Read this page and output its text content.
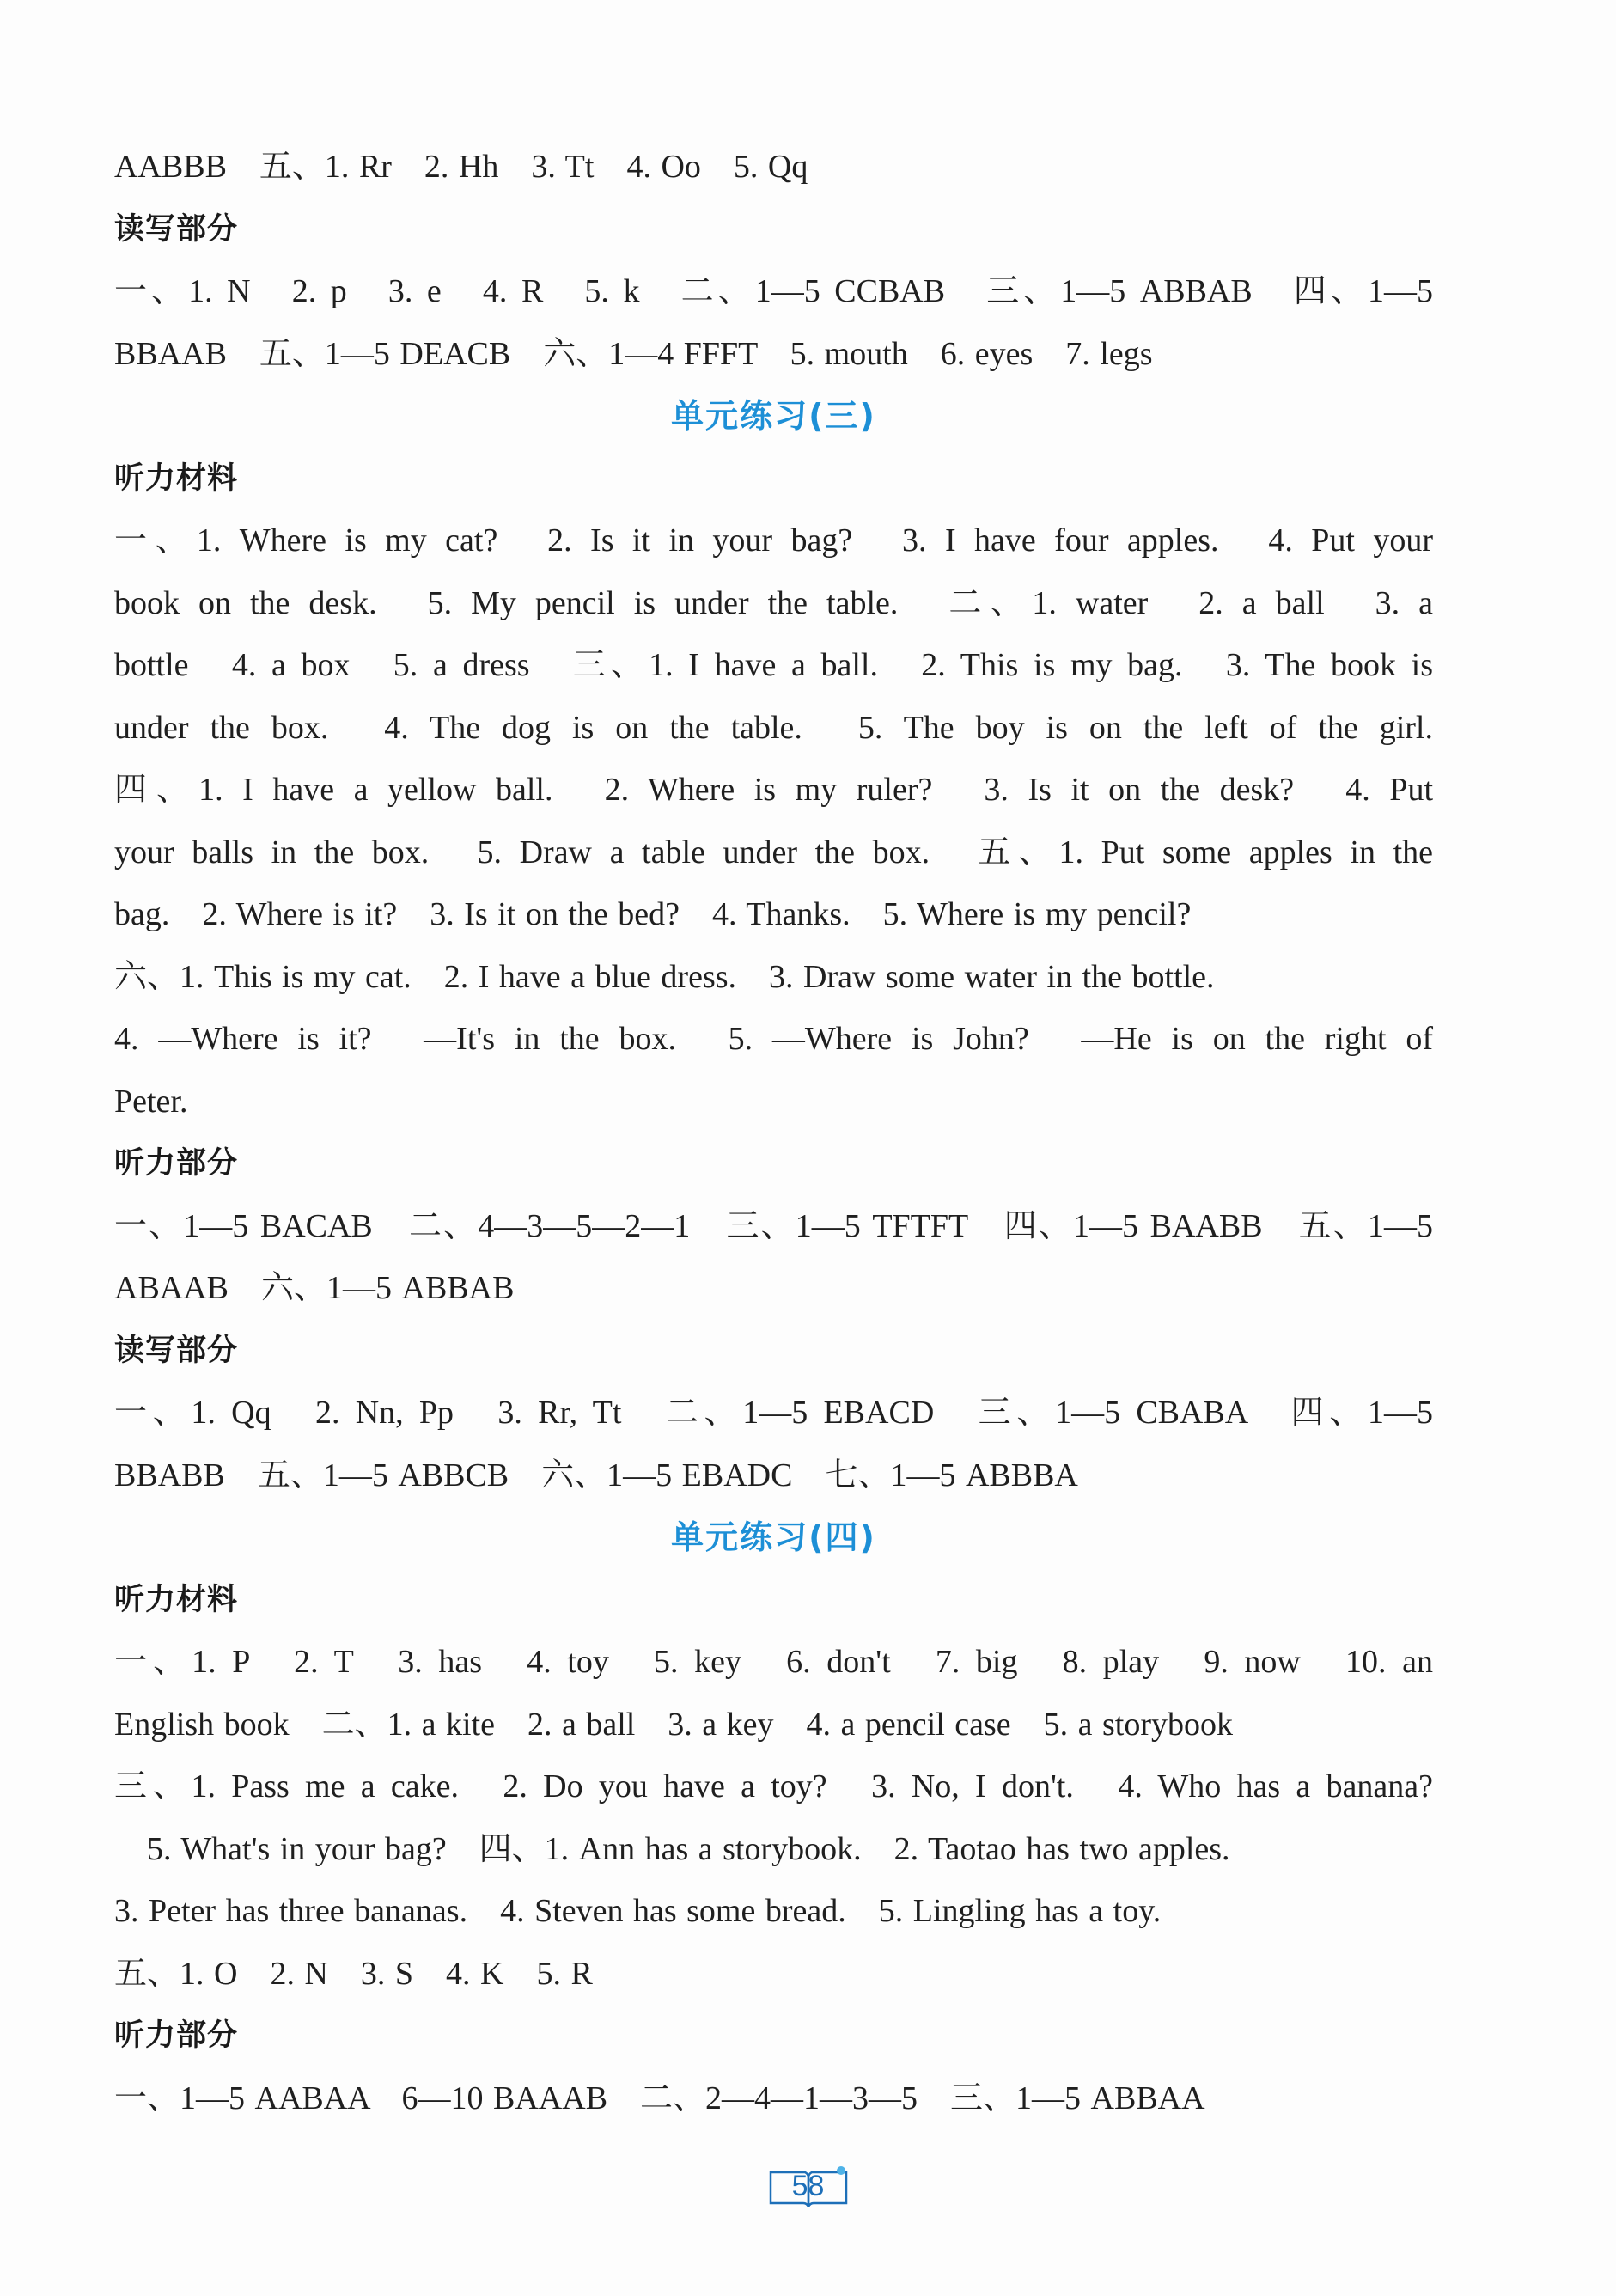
AABBB　五、1. Rr　2. Hh　3. Tt　4. Oo　5. Qq
读写部分
一、1. N　2. p　3. e　4. R　5. k　二、1—5 CCBAB　三、1—5 ABBAB　四、1—5
BBAAB　五、1—5 DEACB　六、1—4 FFFT　5. mouth　6. eyes　7. legs
单元练习(三)
听力材料
一、1. Where is my cat?　2. Is it in your bag?　3. I have four apples.　4. Put your
book on the desk.　5. My pencil is under the table.　二、1. water　2. a ball　3. a
bottle　4. a box　5. a dress　三、1. I have a ball.　2. This is my bag.　3. The book is
under the box.　4. The dog is on the table.　5. The boy is on the left of the girl.
四、1. I have a yellow ball.　2. Where is my ruler?　3. Is it on the desk?　4. Put
your balls in the box.　5. Draw a table under the box.　五、1. Put some apples in the
bag.　2. Where is it?　3. Is it on the bed?　4. Thanks.　5. Where is my pencil?
六、1. This is my cat.　2. I have a blue dress.　3. Draw some water in the bottle.
4. —Where is it?　—It's in the box.　5. —Where is John?　—He is on the right of
Peter.
听力部分
一、1—5 BACAB　二、4—3—5—2—1　三、1—5 TFTFT　四、1—5 BAABB　五、1—5
ABAAB　六、1—5 ABBAB
读写部分
一、1. Qq　2. Nn, Pp　3. Rr, Tt　二、1—5 EBACD　三、1—5 CBABA　四、1—5
BBABB　五、1—5 ABBCB　六、1—5 EBADC　七、1—5 ABBBA
单元练习(四)
听力材料
一、1. P　2. T　3. has　4. toy　5. key　6. don't　7. big　8. play　9. now　10. an
English book　二、1. a kite　2. a ball　3. a key　4. a pencil case　5. a storybook
三、1. Pass me a cake.　2. Do you have a toy?　3. No, I don't.　4. Who has a banana?
5. What's in your bag?　四、1. Ann has a storybook.　2. Taotao has two apples.
3. Peter has three bananas.　4. Steven has some bread.　5. Lingling has a toy.
五、1. O　2. N　3. S　4. K　5. R
听力部分
一、1—5 AABAA　6—10 BAAAB　二、2—4—1—3—5　三、1—5 ABBAA
58
